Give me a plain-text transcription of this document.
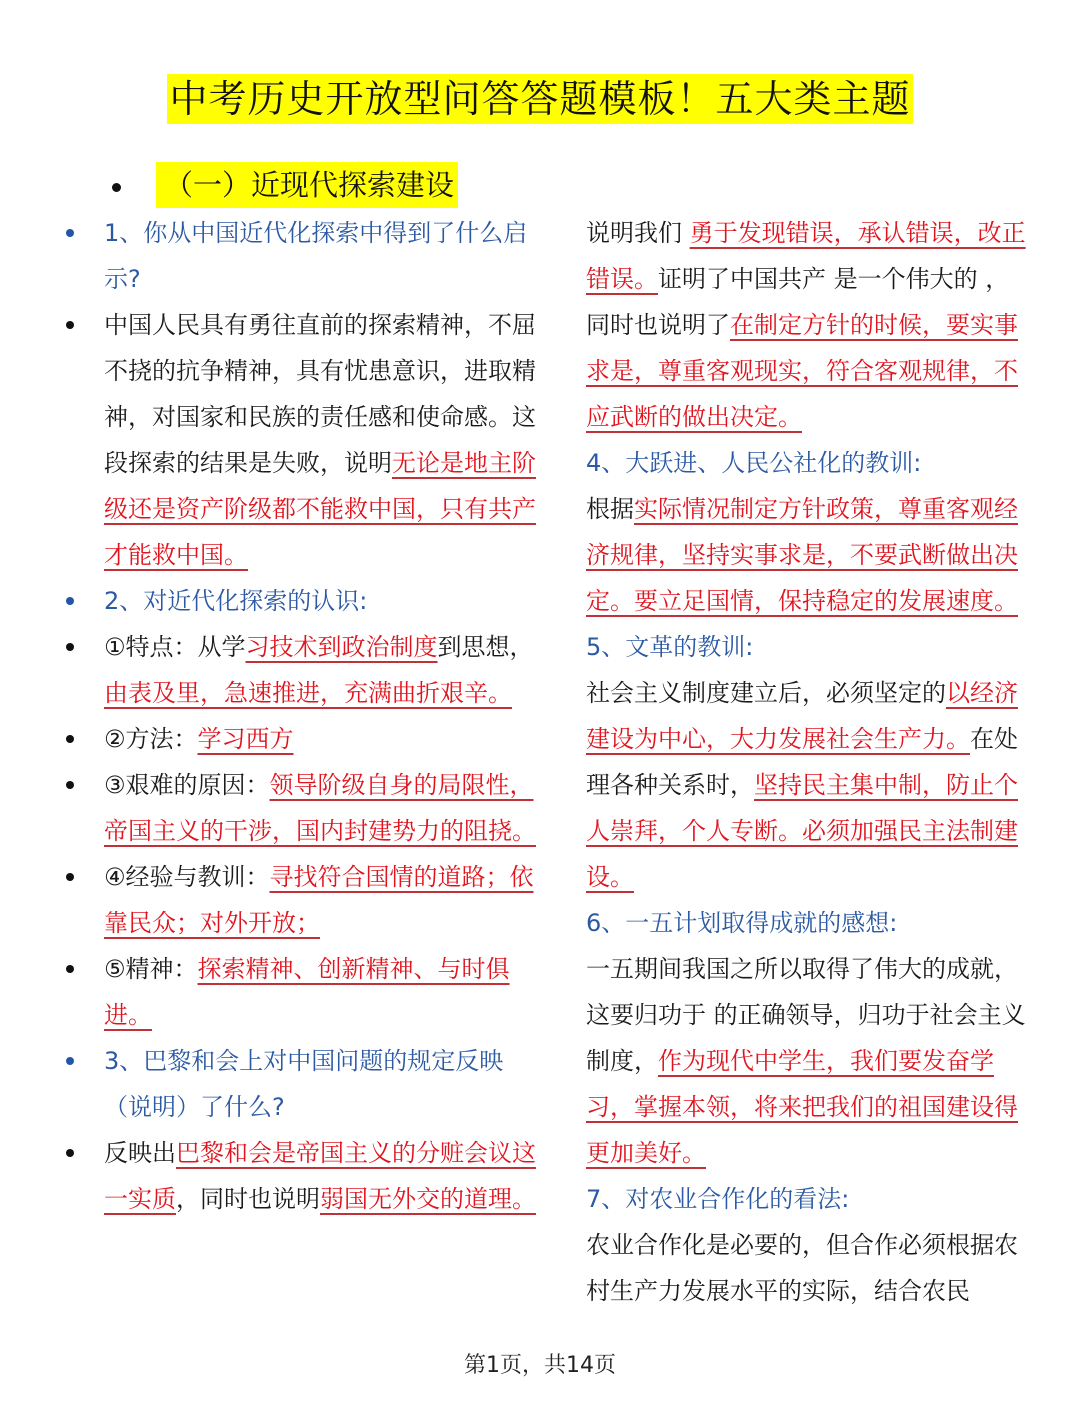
中考历史开放型问答答题模板！五大类主题
（一）近现代探索建设
1、你从中国近代化探索中得到了什么启示?
中国人民具有勇往直前的探索精神，不屈不挠的抗争精神，具有忧患意识，进取精神，对国家和民族的责任感和使命感。这段探索的结果是失败，说明无论是地主阶级还是资产阶级都不能救中国，只有共产 才能救中国。
2、对近代化探索的认识:
①特点：从学习技术到政治制度到思想，由表及里，急速推进，充满曲折艰辛。
②方法：学习西方
③艰难的原因：领导阶级自身的局限性，帝国主义的干涉，国内封建势力的阻挠。
④经验与教训：寻找符合国情的道路；依靠民众；对外开放；
⑤精神：探索精神、创新精神、与时俱进。
3、巴黎和会上对中国问题的规定反映（说明）了什么?
反映出巴黎和会是帝国主义的分赃会议这一实质，同时也说明弱国无外交的道理。
说明我们 勇于发现错误，承认错误，改正错误。证明了中国共产 是一个伟大的 ，同时也说明了在制定方针的时候，要实事求是，尊重客观现实，符合客观规律，不应武断的做出决定。
4、大跃进、人民公社化的教训:
根据实际情况制定方针政策，尊重客观经济规律，坚持实事求是，不要武断做出决定。要立足国情，保持稳定的发展速度。
5、文革的教训:
社会主义制度建立后，必须坚定的以经济建设为中心，大力发展社会生产力。在处理各种关系时，坚持民主集中制，防止个人崇拜，个人专断。必须加强民主法制建设。
6、一五计划取得成就的感想:
一五期间我国之所以取得了伟大的成就，这要归功于 的正确领导，归功于社会主义制度，作为现代中学生，我们要发奋学习，掌握本领，将来把我们的祖国建设得更加美好。
7、对农业合作化的看法:
农业合作化是必要的，但合作必须根据农村生产力发展水平的实际，结合农民
第1页，共14页
